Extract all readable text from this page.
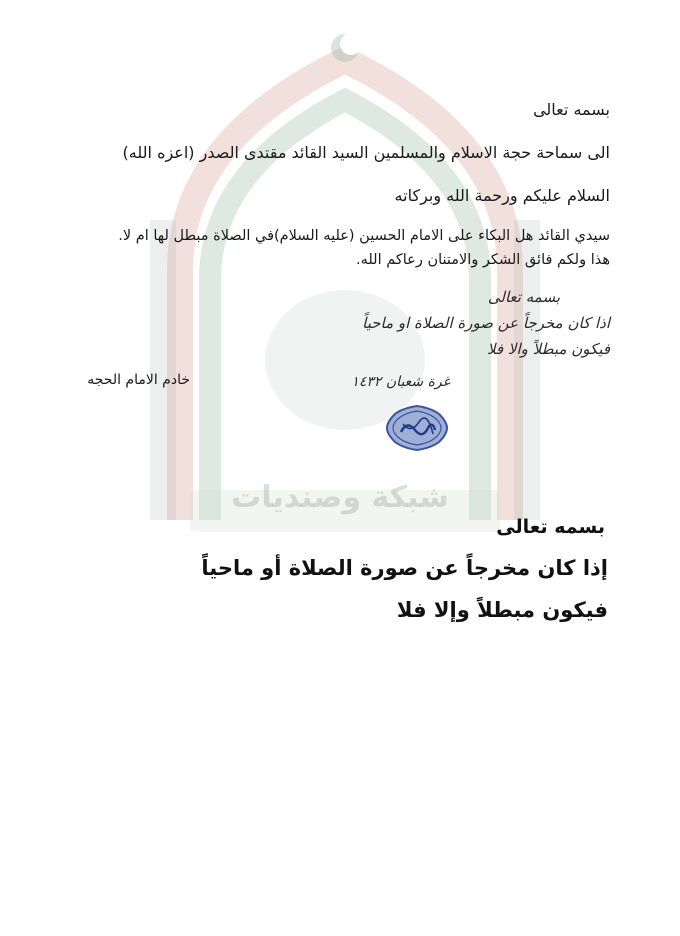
شبكة وصنديات
بسمه تعالى
الى سماحة حجة الاسلام والمسلمين السيد القائد مقتدى الصدر (اعزه الله)
السلام عليكم ورحمة الله وبركاته
سيدي القائد هل البكاء على الامام الحسين (عليه السلام)في الصلاة مبطل لها ام لا.
هذا ولكم فائق الشكر والامتنان رعاكم الله.
بسمه تعالى
اذا كان مخرجاً عن صورة الصلاة او ماحياً
فيكون مبطلاً والا فلا
غرة شعبان ١٤٣٢
خادم الامام الحجه
بسمه تعالى
إذا كان مخرجاً عن صورة الصلاة أو ماحياً
فيكون مبطلاً وإلا فلا
